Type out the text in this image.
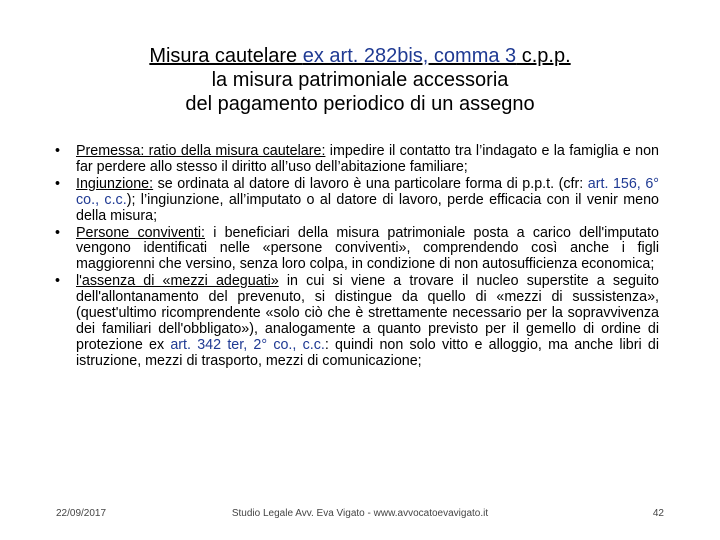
Misura cautelare ex art. 282bis, comma 3 c.p.p.
la misura patrimoniale accessoria
del pagamento periodico di un assegno
•	Premessa: ratio della misura cautelare: impedire il contatto tra l’indagato e la famiglia e non far perdere allo stesso il diritto all’uso dell’abitazione familiare;
•	Ingiunzione: se ordinata al datore di lavoro è una particolare forma di p.p.t. (cfr: art. 156, 6° co., c.c.); l’ingiunzione, all’imputato o al datore di lavoro, perde efficacia con il venir meno della misura;
•	Persone conviventi: i beneficiari della misura patrimoniale posta a carico dell'imputato vengono identificati nelle «persone conviventi», comprendendo così anche i figli maggiorenni che versino, senza loro colpa, in condizione di non autosufficienza economica;
•	l'assenza di «mezzi adeguati» in cui si viene a trovare il nucleo superstite a seguito dell'allontanamento del prevenuto, si distingue da quello di «mezzi di sussistenza», (quest'ultimo ricomprendente «solo ciò che è strettamente necessario per la sopravvivenza dei familiari dell'obbligato»), analogamente a quanto previsto per il gemello di ordine di protezione ex art. 342 ter, 2° co., c.c.: quindi non solo vitto e alloggio, ma anche libri di istruzione, mezzi di trasporto, mezzi di comunicazione;
22/09/2017	Studio Legale Avv. Eva Vigato - www.avvocatoevavigato.it	42
